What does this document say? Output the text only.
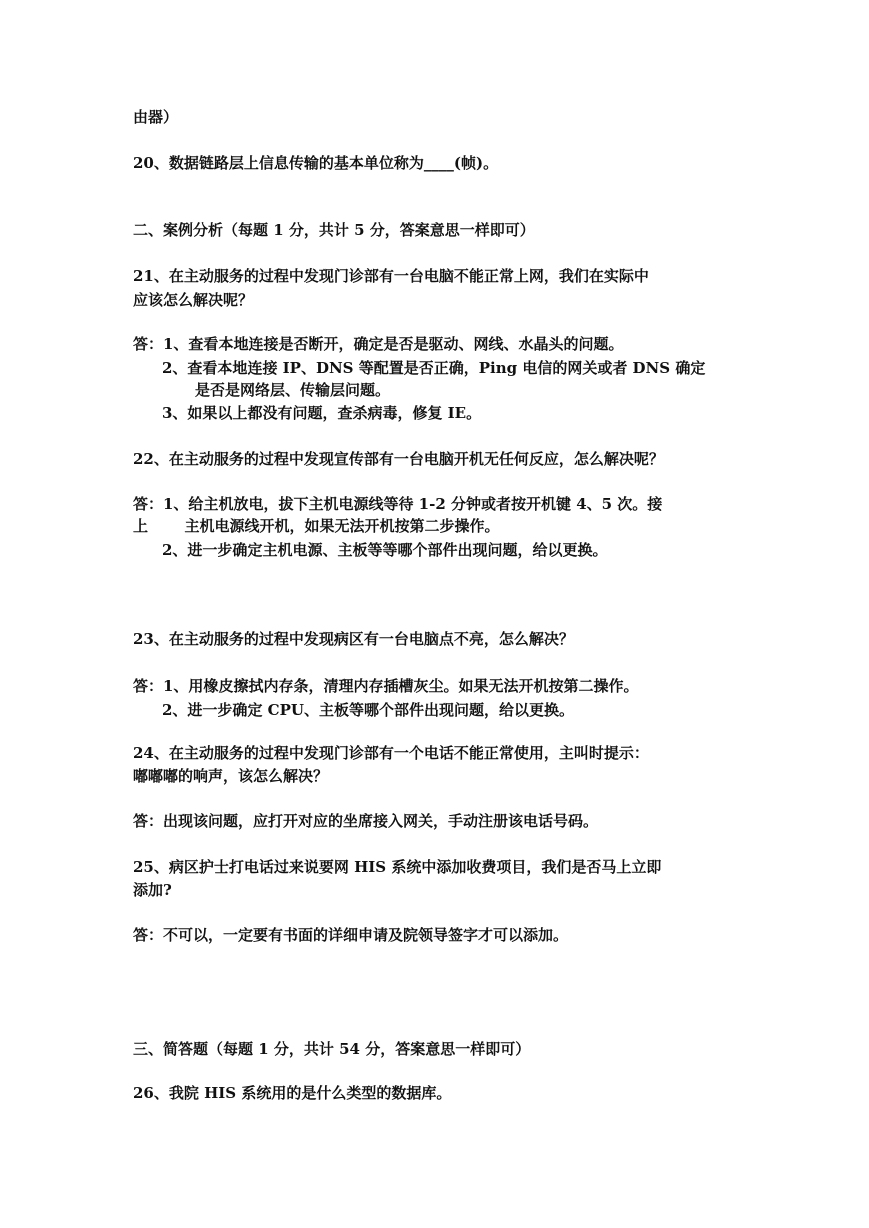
由器）
20、数据链路层上信息传输的基本单位称为____(帧)。
二、案例分析（每题 1 分，共计 5 分，答案意思一样即可）
21、在主动服务的过程中发现门诊部有一台电脑不能正常上网，我们在实际中
应该怎么解决呢？
答：1、查看本地连接是否断开，确定是否是驱动、网线、水晶头的问题。
2、查看本地连接 IP、DNS 等配置是否正确，Ping 电信的网关或者 DNS 确定
是否是网络层、传输层问题。
3、如果以上都没有问题，查杀病毒，修复 IE。
22、在主动服务的过程中发现宣传部有一台电脑开机无任何反应，怎么解决呢？
答：1、给主机放电，拔下主机电源线等待 1-2 分钟或者按开机键 4、5 次。接
上       主机电源线开机，如果无法开机按第二步操作。
2、进一步确定主机电源、主板等等哪个部件出现问题，给以更换。
23、在主动服务的过程中发现病区有一台电脑点不亮，怎么解决？
答：1、用橡皮擦拭内存条，清理内存插槽灰尘。如果无法开机按第二操作。
2、进一步确定 CPU、主板等哪个部件出现问题，给以更换。
24、在主动服务的过程中发现门诊部有一个电话不能正常使用，主叫时提示：
嘟嘟嘟的响声，该怎么解决？
答：出现该问题，应打开对应的坐席接入网关，手动注册该电话号码。
25、病区护士打电话过来说要网 HIS 系统中添加收费项目，我们是否马上立即
添加?
答：不可以，一定要有书面的详细申请及院领导签字才可以添加。
三、简答题（每题 1 分，共计 54 分，答案意思一样即可）
26、我院 HIS 系统用的是什么类型的数据库。
